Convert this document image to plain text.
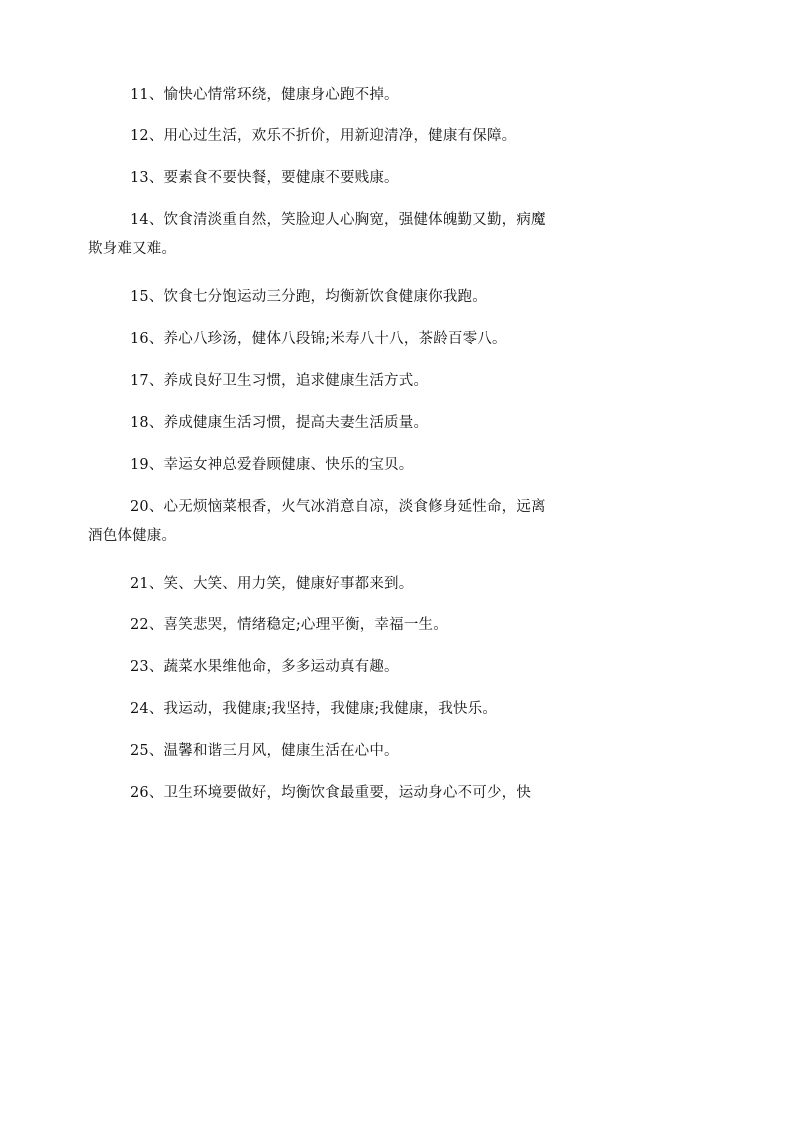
11、愉快心情常环绕，健康身心跑不掉。

12、用心过生活，欢乐不折价，用新迎清净，健康有保障。

13、要素食不要快餐，要健康不要贱康。

14、饮食清淡重自然，笑脸迎人心胸宽，强健体魄勤又勤，病魔欺身难又难。

15、饮食七分饱运动三分跑，均衡新饮食健康你我跑。

16、养心八珍汤，健体八段锦;米寿八十八，茶龄百零八。

17、养成良好卫生习惯，追求健康生活方式。

18、养成健康生活习惯，提高夫妻生活质量。

19、幸运女神总爱眷顾健康、快乐的宝贝。

20、心无烦恼菜根香，火气冰消意自凉，淡食修身延性命，远离酒色体健康。

21、笑、大笑、用力笑，健康好事都来到。

22、喜笑悲哭，情绪稳定;心理平衡，幸福一生。

23、蔬菜水果维他命，多多运动真有趣。

24、我运动，我健康;我坚持，我健康;我健康，我快乐。

25、温馨和谐三月风，健康生活在心中。

26、卫生环境要做好，均衡饮食最重要，运动身心不可少，快
